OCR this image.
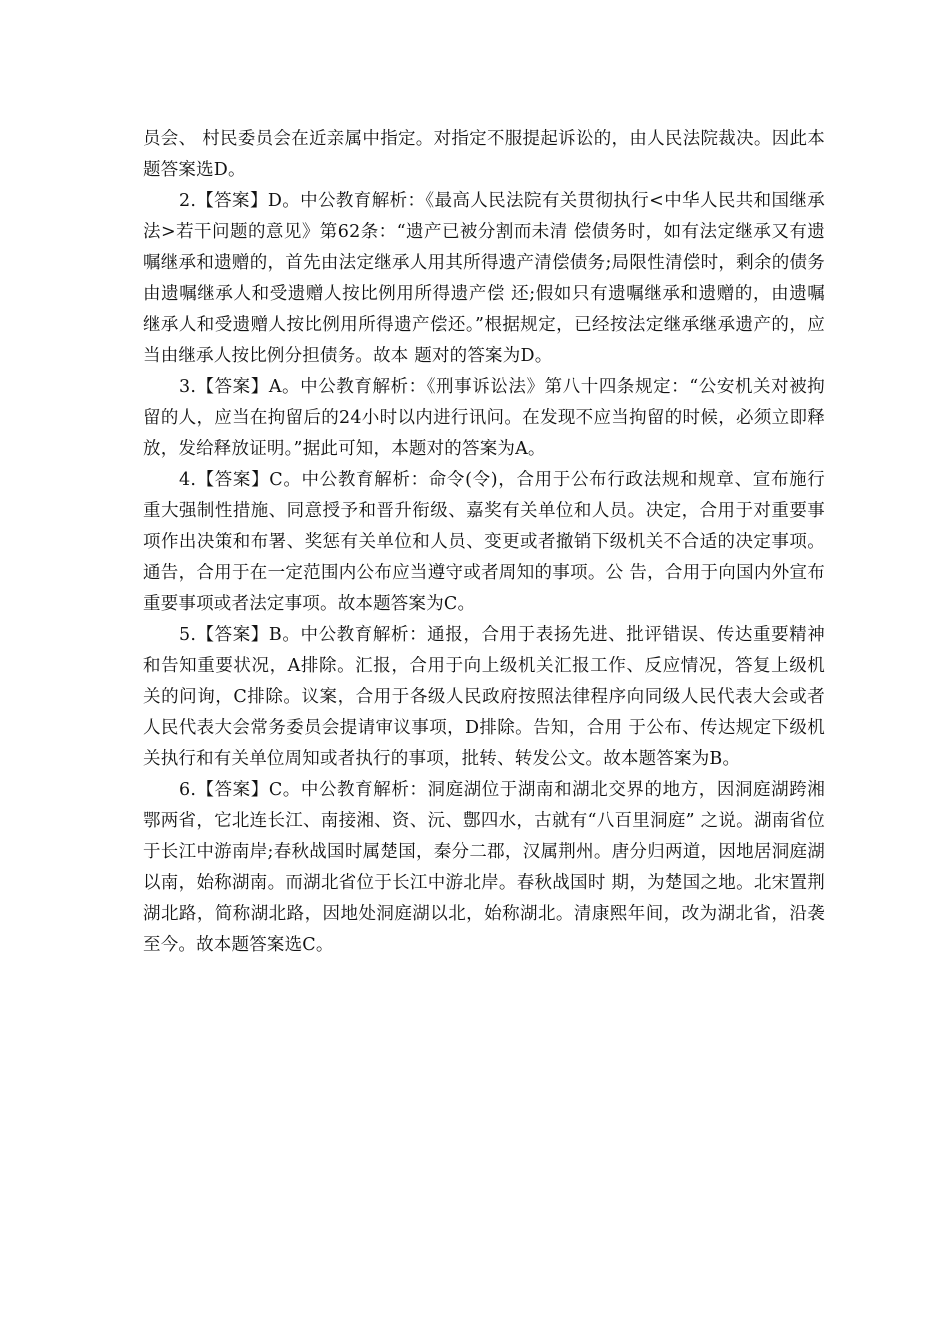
员会、 村民委员会在近亲属中指定。对指定不服提起诉讼的，由人民法院裁决。因此本题答案选D。

2.【答案】D。中公教育解析：《最高人民法院有关贯彻执行<中华人民共和国继承法>若干问题的意见》第62条：“遗产已被分割而未清 偿债务时，如有法定继承又有遗嘱继承和遗赠的，首先由法定继承人用其所得遗产清偿债务;局限性清偿时，剩余的债务由遗嘱继承人和受遗赠人按比例用所得遗产偿 还;假如只有遗嘱继承和遗赠的，由遗嘱继承人和受遗赠人按比例用所得遗产偿还。”根据规定，已经按法定继承继承遗产的，应当由继承人按比例分担债务。故本 题对的答案为D。

3.【答案】A。中公教育解析：《刑事诉讼法》第八十四条规定：“公安机关对被拘留的人，应当在拘留后的24小时以内进行讯问。在发现不应当拘留的时候，必须立即释放，发给释放证明。”据此可知，本题对的答案为A。

4.【答案】C。中公教育解析：命令(令)，合用于公布行政法规和规章、宣布施行重大强制性措施、同意授予和晋升衔级、嘉奖有关单位和人员。决定，合用于对重要事项作出决策和布署、奖惩有关单位和人员、变更或者撤销下级机关不合适的决定事项。通告，合用于在一定范围内公布应当遵守或者周知的事项。公 告，合用于向国内外宣布重要事项或者法定事项。故本题答案为C。

5.【答案】B。中公教育解析：通报，合用于表扬先进、批评错误、传达重要精神和告知重要状况，A排除。汇报，合用于向上级机关汇报工作、反应情况，答复上级机关的问询，C排除。议案，合用于各级人民政府按照法律程序向同级人民代表大会或者人民代表大会常务委员会提请审议事项，D排除。告知，合用 于公布、传达规定下级机关执行和有关单位周知或者执行的事项，批转、转发公文。故本题答案为B。

6.【答案】C。中公教育解析：洞庭湖位于湖南和湖北交界的地方，因洞庭湖跨湘鄂两省，它北连长江、南接湘、资、沅、鄷四水，古就有“八百里洞庭” 之说。湖南省位于长江中游南岸;春秋战国时属楚国，秦分二郡，汉属荆州。唐分归两道，因地居洞庭湖以南，始称湖南。而湖北省位于长江中游北岸。春秋战国时 期，为楚国之地。北宋置荆湖北路，简称湖北路，因地处洞庭湖以北，始称湖北。清康熙年间，改为湖北省，沿袭至今。故本题答案选C。
